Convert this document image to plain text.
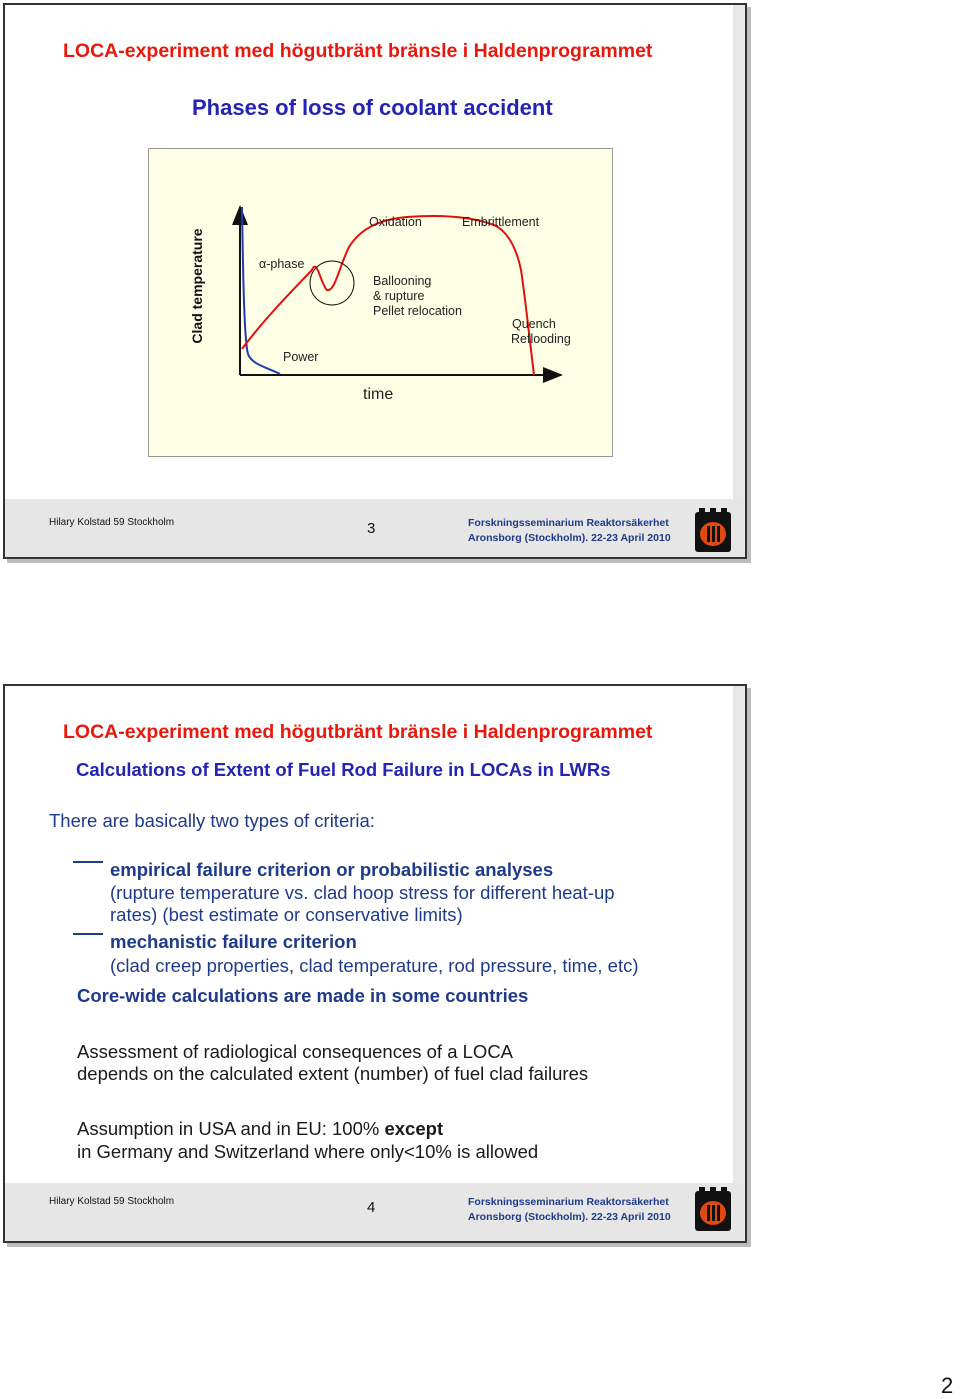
LOCA-experiment med högutbränt bränsle i Haldenprogrammet
Phases of loss of coolant accident
Clad temperature	α-phase
Power
Oxidation	Embrittlement
Ballooning
& rupture
Pellet relocation
Quench
Reflooding
time
Hilary Kolstad 59 Stockholm	3	Forskningsseminarium Reaktorsäkerhet
Aronsborg (Stockholm). 22-23 April 2010
LOCA-experiment med högutbränt bränsle i Haldenprogrammet
Calculations of Extent of Fuel Rod Failure in LOCAs in LWRs
There are basically two types of criteria:
empirical failure criterion or probabilistic analyses
(rupture temperature vs. clad hoop stress for different heat-up
rates) (best estimate or conservative limits)
mechanistic failure criterion
(clad creep properties, clad temperature, rod pressure, time, etc)
Core-wide calculations are made in some countries
Assessment of radiological consequences of a LOCA
depends on the calculated extent (number) of fuel clad failures
Assumption in USA and in EU: 100% except
in Germany and Switzerland where only<10% is allowed
Hilary Kolstad 59 Stockholm	4	Forskningsseminarium Reaktorsäkerhet
Aronsborg (Stockholm). 22-23 April 2010
2
